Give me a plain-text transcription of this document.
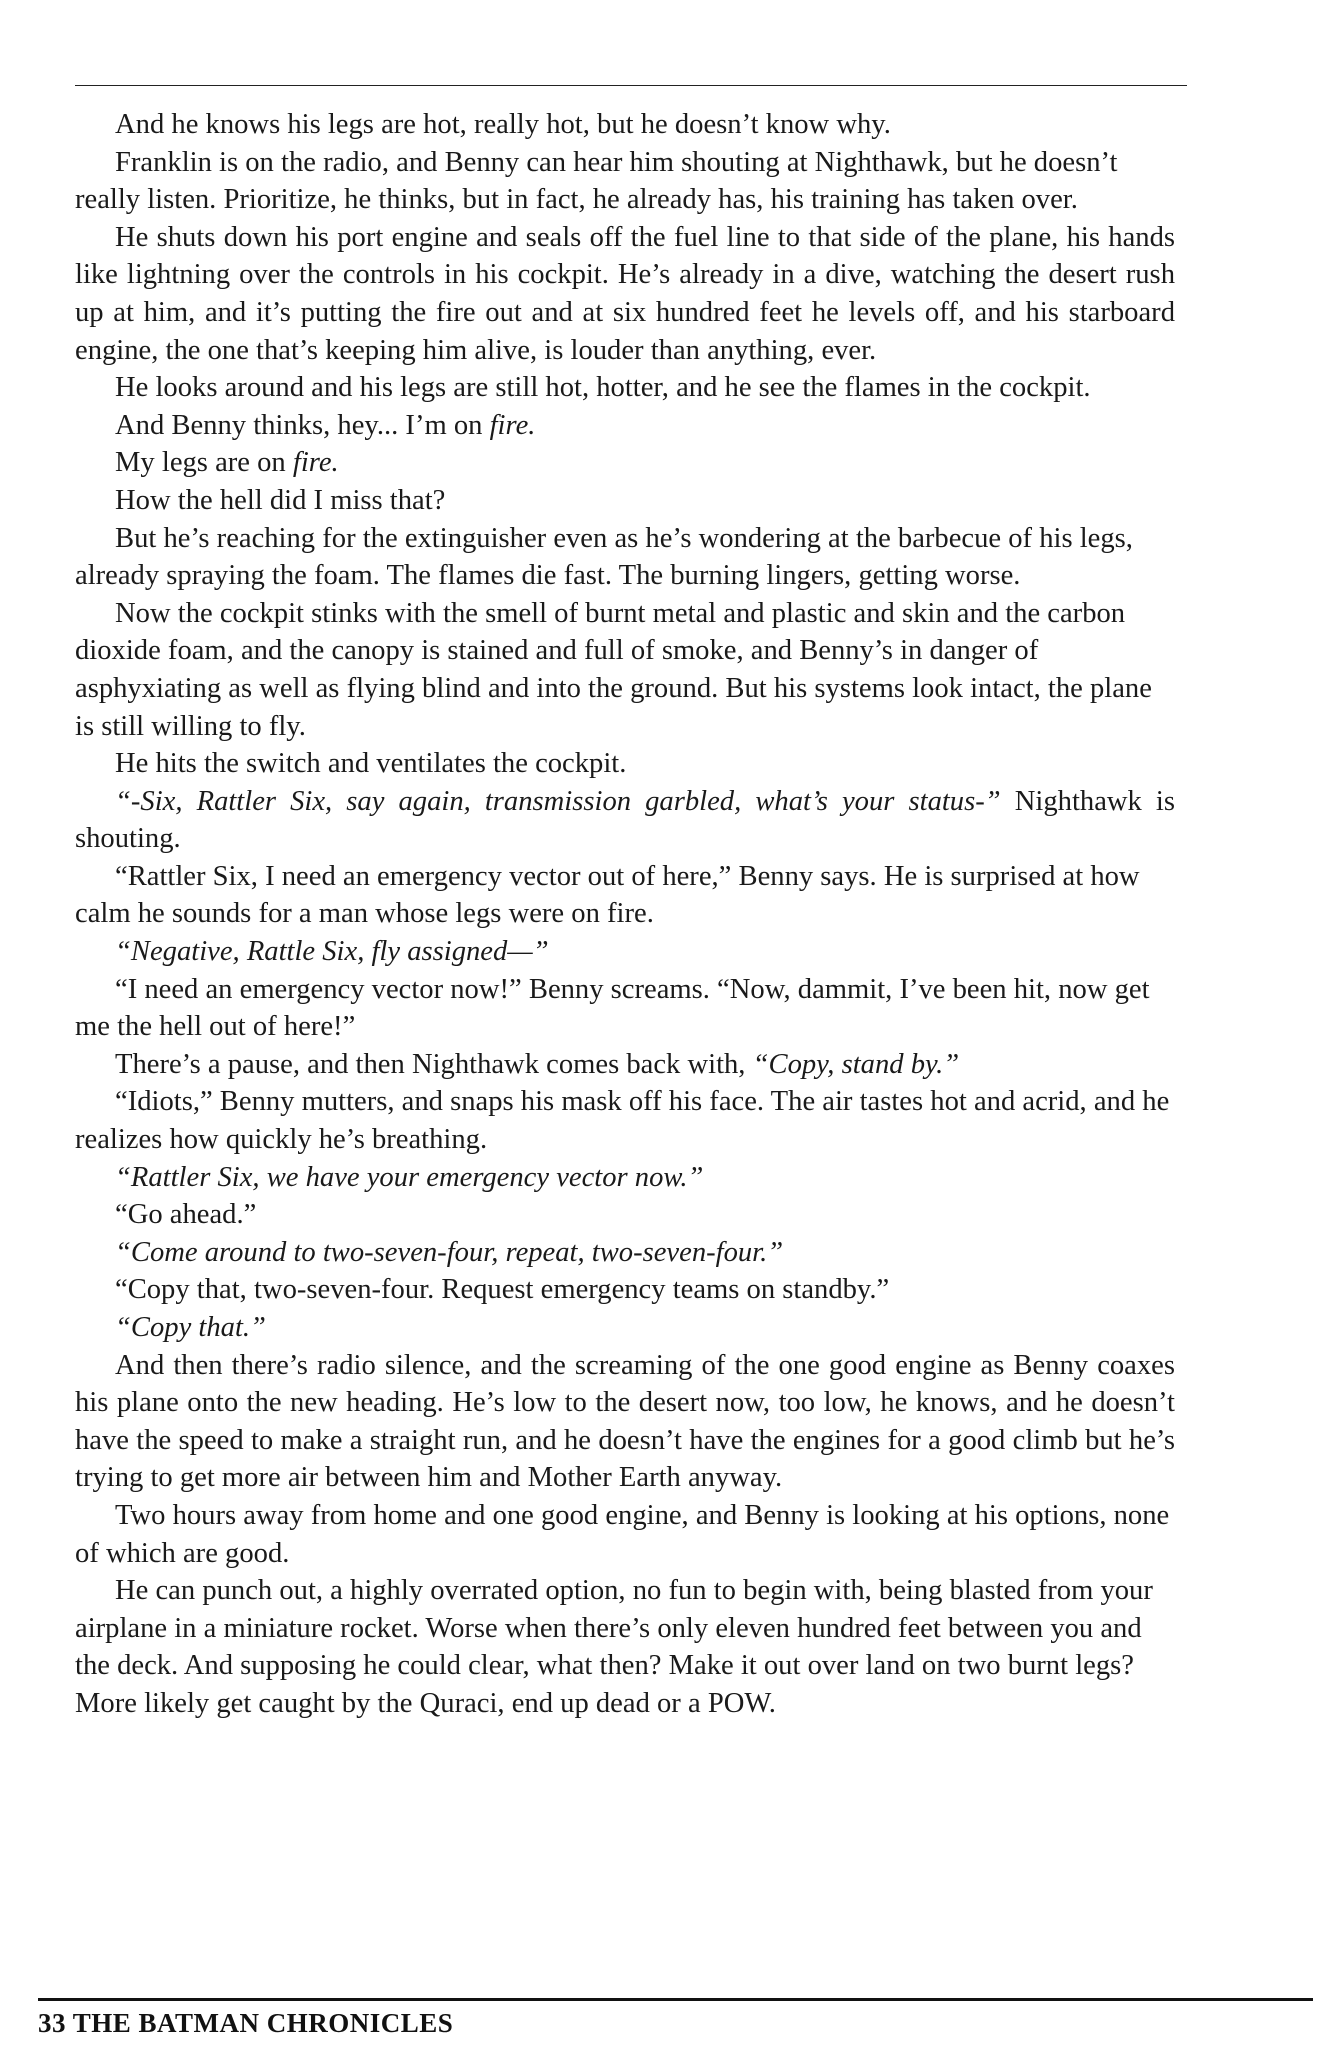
And he knows his legs are hot, really hot, but he doesn’t know why.

Franklin is on the radio, and Benny can hear him shouting at Nighthawk, but he doesn’t really listen. Prioritize, he thinks, but in fact, he already has, his training has taken over.

He shuts down his port engine and seals off the fuel line to that side of the plane, his hands like lightning over the controls in his cockpit. He’s already in a dive, watching the desert rush up at him, and it’s putting the fire out and at six hundred feet he levels off, and his starboard engine, the one that’s keeping him alive, is louder than anything, ever.

He looks around and his legs are still hot, hotter, and he see the flames in the cockpit.

And Benny thinks, hey... I’m on fire.

My legs are on fire.

How the hell did I miss that?

But he’s reaching for the extinguisher even as he’s wondering at the barbecue of his legs, already spraying the foam. The flames die fast. The burning lingers, getting worse.

Now the cockpit stinks with the smell of burnt metal and plastic and skin and the carbon dioxide foam, and the canopy is stained and full of smoke, and Benny’s in danger of asphyxiating as well as flying blind and into the ground. But his systems look intact, the plane is still willing to fly.

He hits the switch and ventilates the cockpit.

“-Six, Rattler Six, say again, transmission garbled, what’s your status-” Nighthawk is shouting.

“Rattler Six, I need an emergency vector out of here,” Benny says. He is surprised at how calm he sounds for a man whose legs were on fire.

“Negative, Rattle Six, fly assigned—”

“I need an emergency vector now!” Benny screams. “Now, dammit, I’ve been hit, now get me the hell out of here!”

There’s a pause, and then Nighthawk comes back with, “Copy, stand by.”

“Idiots,” Benny mutters, and snaps his mask off his face. The air tastes hot and acrid, and he realizes how quickly he’s breathing.

“Rattler Six, we have your emergency vector now.”

“Go ahead.”

“Come around to two-seven-four, repeat, two-seven-four.”

“Copy that, two-seven-four. Request emergency teams on standby.”

“Copy that.”

And then there’s radio silence, and the screaming of the one good engine as Benny coaxes his plane onto the new heading. He’s low to the desert now, too low, he knows, and he doesn’t have the speed to make a straight run, and he doesn’t have the engines for a good climb but he’s trying to get more air between him and Mother Earth anyway.

Two hours away from home and one good engine, and Benny is looking at his options, none of which are good.

He can punch out, a highly overrated option, no fun to begin with, being blasted from your airplane in a miniature rocket. Worse when there’s only eleven hundred feet between you and the deck. And supposing he could clear, what then? Make it out over land on two burnt legs? More likely get caught by the Quraci, end up dead or a POW.

33 THE BATMAN CHRONICLES
